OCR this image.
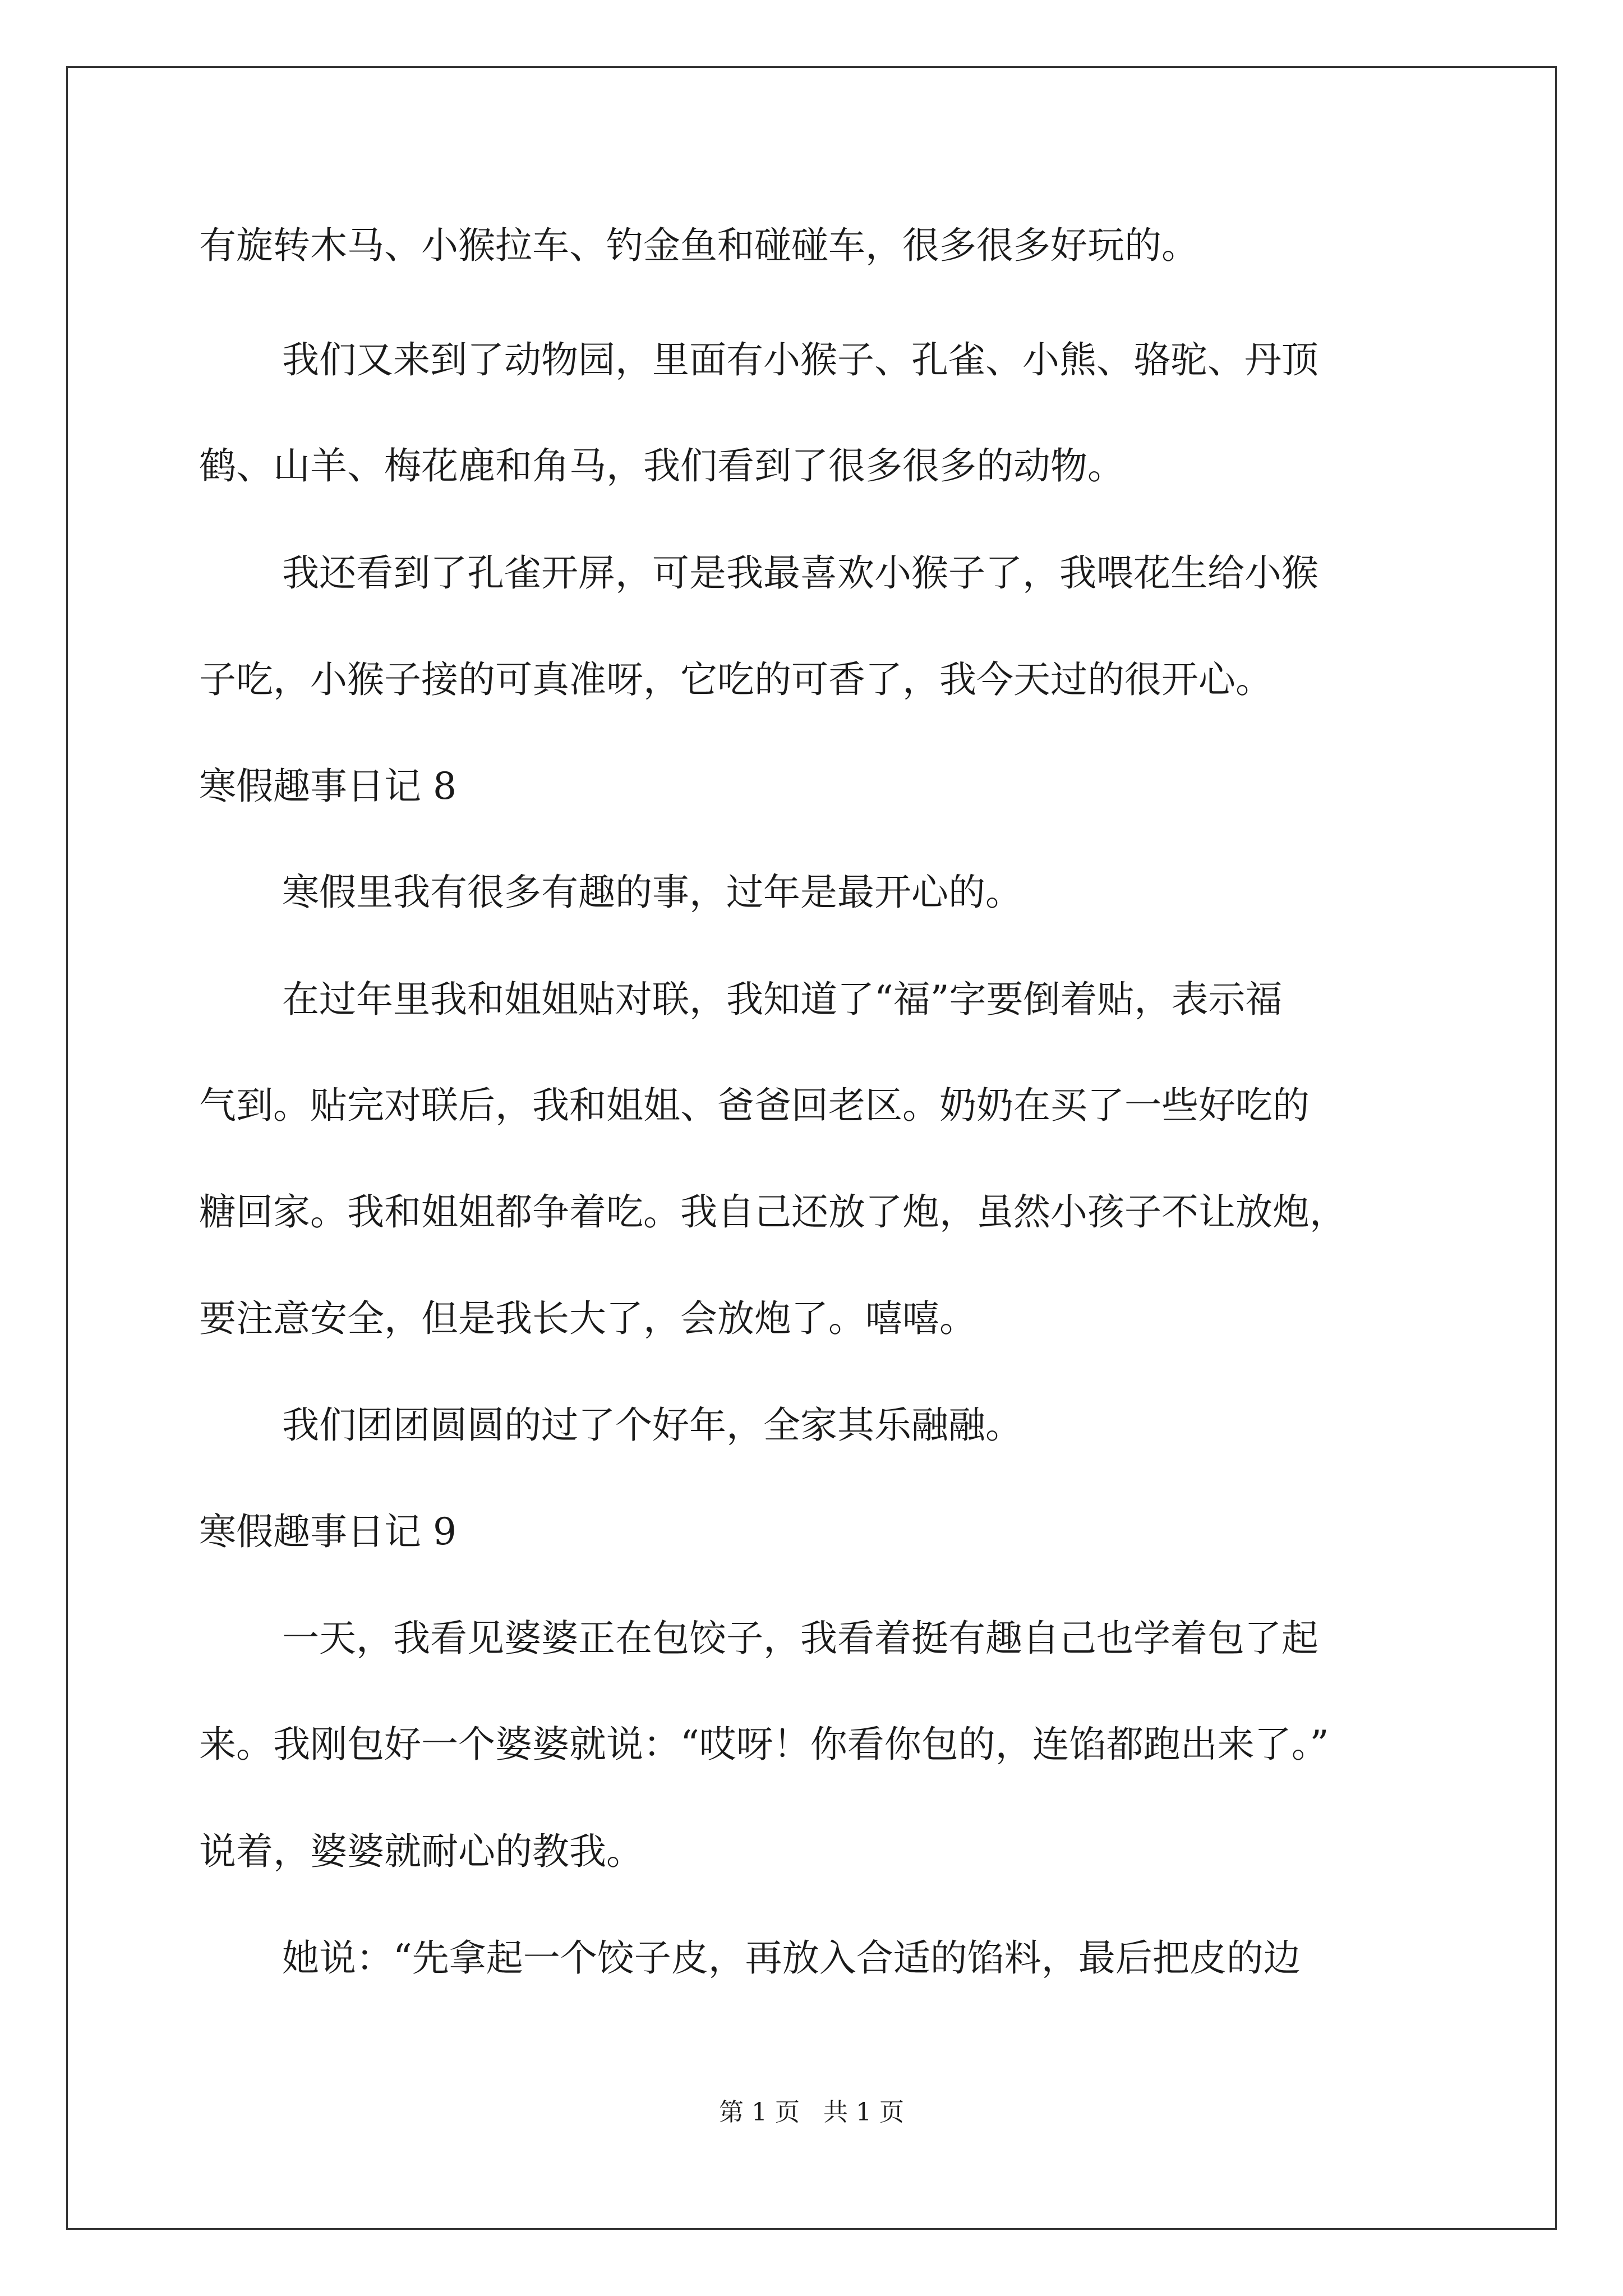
有旋转木马、小猴拉车、钓金鱼和碰碰车，很多很多好玩的。
我们又来到了动物园，里面有小猴子、孔雀、小熊、骆驼、丹顶
鹤、山羊、梅花鹿和角马，我们看到了很多很多的动物。
我还看到了孔雀开屏，可是我最喜欢小猴子了，我喂花生给小猴
子吃，小猴子接的可真准呀，它吃的可香了，我今天过的很开心。
寒假趣事日记 8
寒假里我有很多有趣的事，过年是最开心的。
在过年里我和姐姐贴对联，我知道了“福”字要倒着贴，表示福
气到。贴完对联后，我和姐姐、爸爸回老区。奶奶在买了一些好吃的
糖回家。我和姐姐都争着吃。我自己还放了炮，虽然小孩子不让放炮，
要注意安全，但是我长大了，会放炮了。嘻嘻。
我们团团圆圆的过了个好年，全家其乐融融。
寒假趣事日记 9
一天，我看见婆婆正在包饺子，我看着挺有趣自己也学着包了起
来。我刚包好一个婆婆就说：“哎呀！你看你包的，连馅都跑出来了。”
说着，婆婆就耐心的教我。
她说：“先拿起一个饺子皮，再放入合适的馅料，最后把皮的边
第 1 页   共 1 页
